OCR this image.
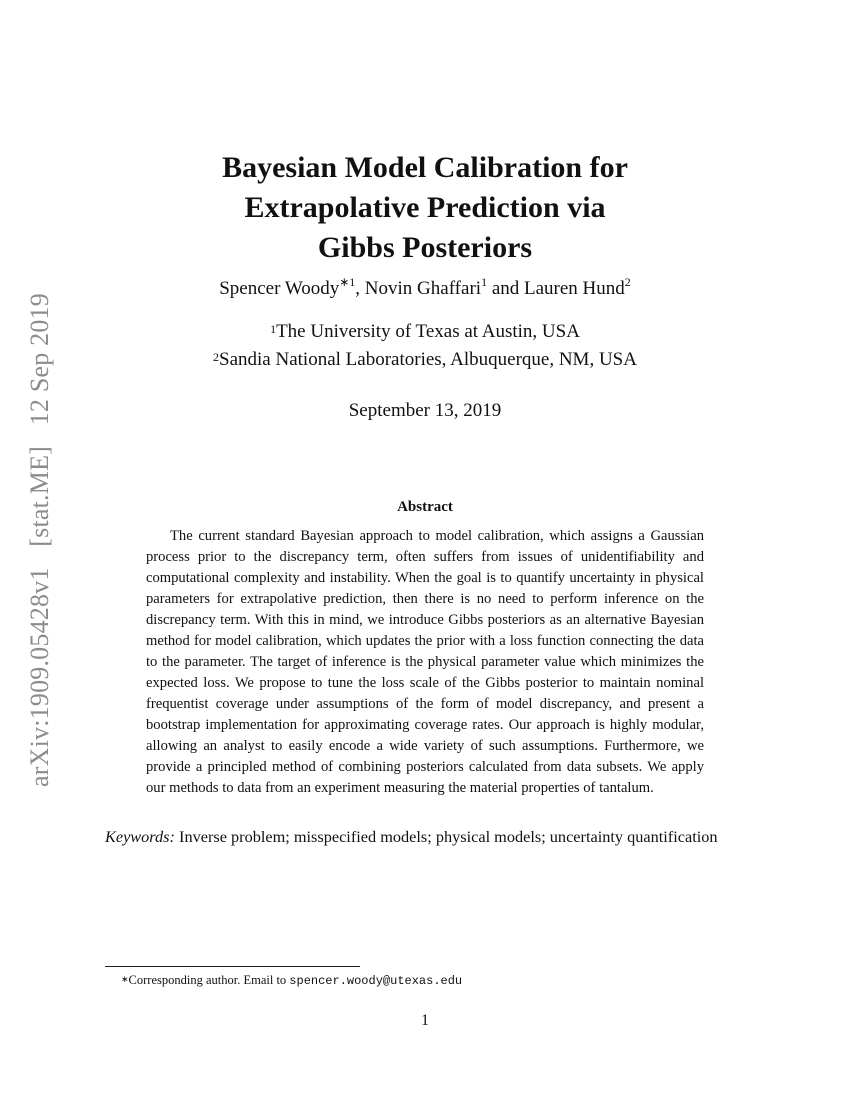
arXiv:1909.05428v1 [stat.ME] 12 Sep 2019
Bayesian Model Calibration for
Extrapolative Prediction via
Gibbs Posteriors
Spencer Woody$^{∗1}$, Novin Ghaffari$^1$ and Lauren Hund$^2$
$^1$The University of Texas at Austin, USA
$^2$Sandia National Laboratories, Albuquerque, NM, USA
September 13, 2019
Abstract
The current standard Bayesian approach to model calibration, which assigns a Gaussian process prior to the discrepancy term, often suffers from issues of unidentifiability and computational complexity and instability. When the goal is to quantify uncertainty in physical parameters for extrapolative prediction, then there is no need to perform inference on the discrepancy term. With this in mind, we introduce Gibbs posteriors as an alternative Bayesian method for model calibration, which updates the prior with a loss function connecting the data to the parameter. The target of inference is the physical parameter value which minimizes the expected loss. We propose to tune the loss scale of the Gibbs posterior to maintain nominal frequentist coverage under assumptions of the form of model discrepancy, and present a bootstrap implementation for approximating coverage rates. Our approach is highly modular, allowing an analyst to easily encode a wide variety of such assumptions. Furthermore, we provide a principled method of combining posteriors calculated from data subsets. We apply our methods to data from an experiment measuring the material properties of tantalum.
Keywords: Inverse problem; misspecified models; physical models; uncertainty quantification
∗Corresponding author. Email to spencer.woody@utexas.edu
1
